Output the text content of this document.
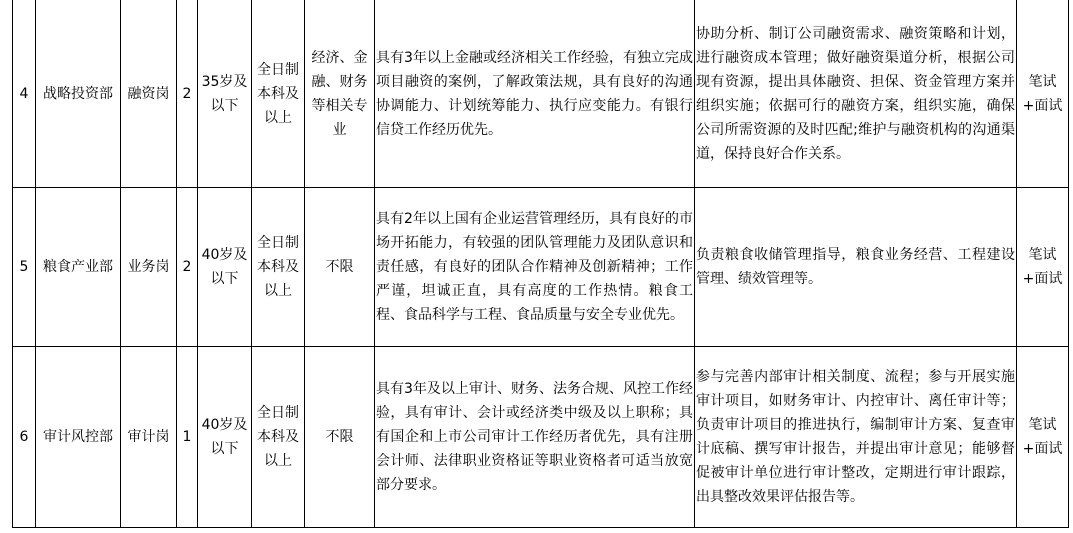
4	战略投资部	融资岗	2	35岁及以下	全日制本科及以上	经济、金融、财务等相关专业	具有3年以上金融或经济相关工作经验，有独立完成项目融资的案例，了解政策法规，具有良好的沟通协调能力、计划统筹能力、执行应变能力。有银行信贷工作经历优先。	协助分析、制订公司融资需求、融资策略和计划，进行融资成本管理；做好融资渠道分析，根据公司现有资源，提出具体融资、担保、资金管理方案并组织实施；依据可行的融资方案，组织实施，确保公司所需资源的及时匹配;维护与融资机构的沟通渠道，保持良好合作关系。	笔试+面试
5	粮食产业部	业务岗	2	40岁及以下	全日制本科及以上	不限	具有2年以上国有企业运营管理经历，具有良好的市场开拓能力，有较强的团队管理能力及团队意识和责任感，有良好的团队合作精神及创新精神；工作严谨，坦诚正直，具有高度的工作热情。粮食工程、食品科学与工程、食品质量与安全专业优先。	负责粮食收储管理指导，粮食业务经营、工程建设管理、绩效管理等。	笔试+面试
6	审计风控部	审计岗	1	40岁及以下	全日制本科及以上	不限	具有3年及以上审计、财务、法务合规、风控工作经验，具有审计、会计或经济类中级及以上职称；具有国企和上市公司审计工作经历者优先，具有注册会计师、法律职业资格证等职业资格者可适当放宽部分要求。	参与完善内部审计相关制度、流程；参与开展实施审计项目，如财务审计、内控审计、离任审计等；负责审计项目的推进执行，编制审计方案、复查审计底稿、撰写审计报告，并提出审计意见；能够督促被审计单位进行审计整改，定期进行审计跟踪，出具整改效果评估报告等。	笔试+面试
